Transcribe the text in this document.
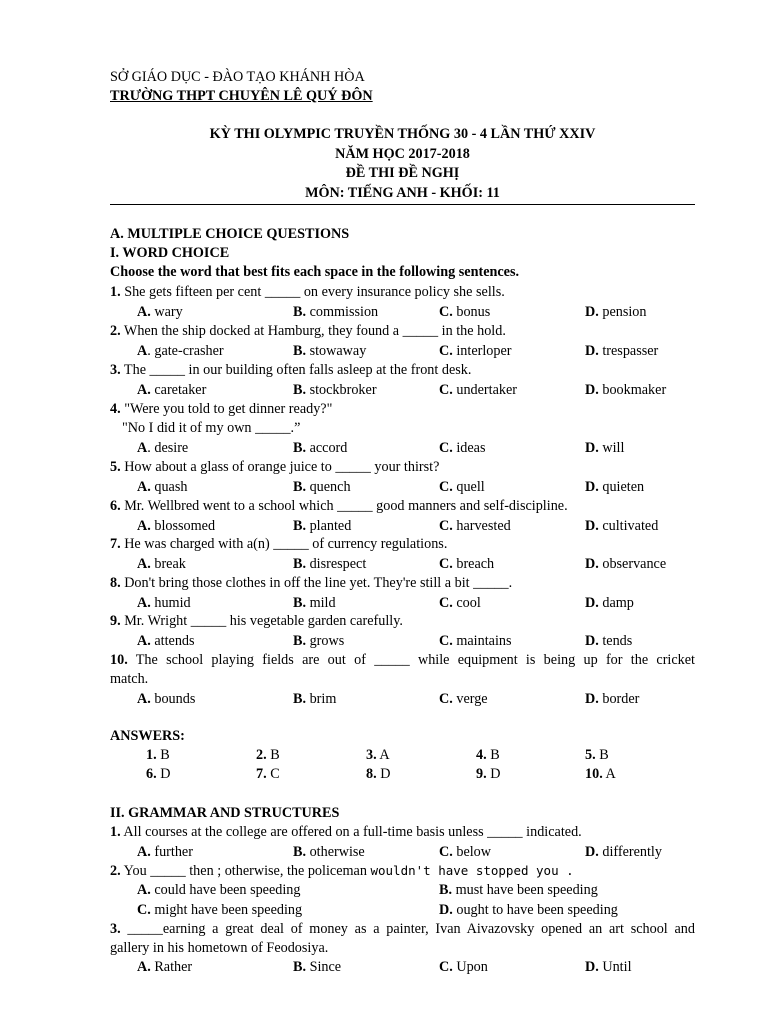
SỞ GIÁO DỤC - ĐÀO TẠO KHÁNH HÒA
TRƯỜNG THPT CHUYÊN LÊ QUÝ ĐÔN
KỲ THI OLYMPIC TRUYỀN THỐNG 30 - 4 LẦN THỨ XXIV
NĂM HỌC 2017-2018
ĐỀ THI ĐỀ NGHỊ
MÔN: TIẾNG ANH - KHỐI: 11
A. MULTIPLE CHOICE QUESTIONS
I. WORD CHOICE
Choose the word that best fits each space in the following sentences.
1. She gets fifteen per cent _____ on every insurance policy she sells.
A. wary	B. commission	C. bonus	D. pension
2. When the ship docked at Hamburg, they found a _____ in the hold.
A. gate-crasher	B. stowaway	C. interloper	D. trespasser
3. The _____ in our building often falls asleep at the front desk.
A. caretaker	B. stockbroker	C. undertaker	D. bookmaker
4. "Were you told to get dinner ready?"
"No I did it of my own _____.”
A. desire	B. accord	C. ideas	D. will
5. How about a glass of orange juice to _____ your thirst?
A. quash	B. quench	C. quell	D. quieten
6. Mr. Wellbred went to a school which _____ good manners and self-discipline.
A. blossomed	B. planted	C. harvested	D. cultivated
7. He was charged with a(n) _____ of currency regulations.
A. break	B. disrespect	C. breach	D. observance
8. Don't bring those clothes in off the line yet. They're still a bit _____.
A. humid	B. mild	C. cool	D. damp
9. Mr. Wright _____ his vegetable garden carefully.
A. attends	B. grows	C. maintains	D. tends
10. The school playing fields are out of _____ while equipment is being up for the cricket
match.
A. bounds	B. brim	C. verge	D. border
ANSWERS:
1. B	2. B	3. A	4. B	5. B
6. D	7. C	8. D	9. D	10. A
II. GRAMMAR AND STRUCTURES
1. All courses at the college are offered on a full-time basis unless _____ indicated.
A. further	B. otherwise	C. below	D. differently
2. You _____ then ; otherwise, the policeman wouldn't have stopped you .
A. could have been speeding	B. must have been speeding
C. might have been speeding	D. ought to have been speeding
3. _____earning a great deal of money as a painter, Ivan Aivazovsky opened an art school and
gallery in his hometown of Feodosiya.
A. Rather	B. Since	C. Upon	D. Until
